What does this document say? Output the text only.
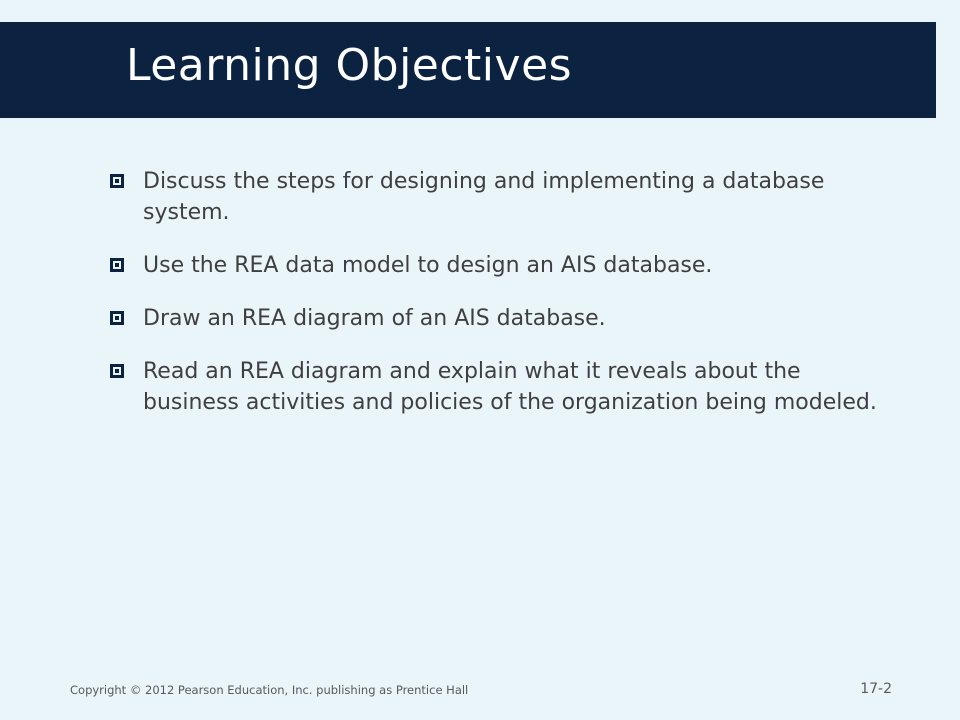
Learning Objectives
Discuss the steps for designing and implementing a database system.
Use the REA data model to design an AIS database.
Draw an REA diagram of an AIS database.
Read an REA diagram and explain what it reveals about the business activities and policies of the organization being modeled.
Copyright © 2012 Pearson Education, Inc. publishing as Prentice Hall	17-2
